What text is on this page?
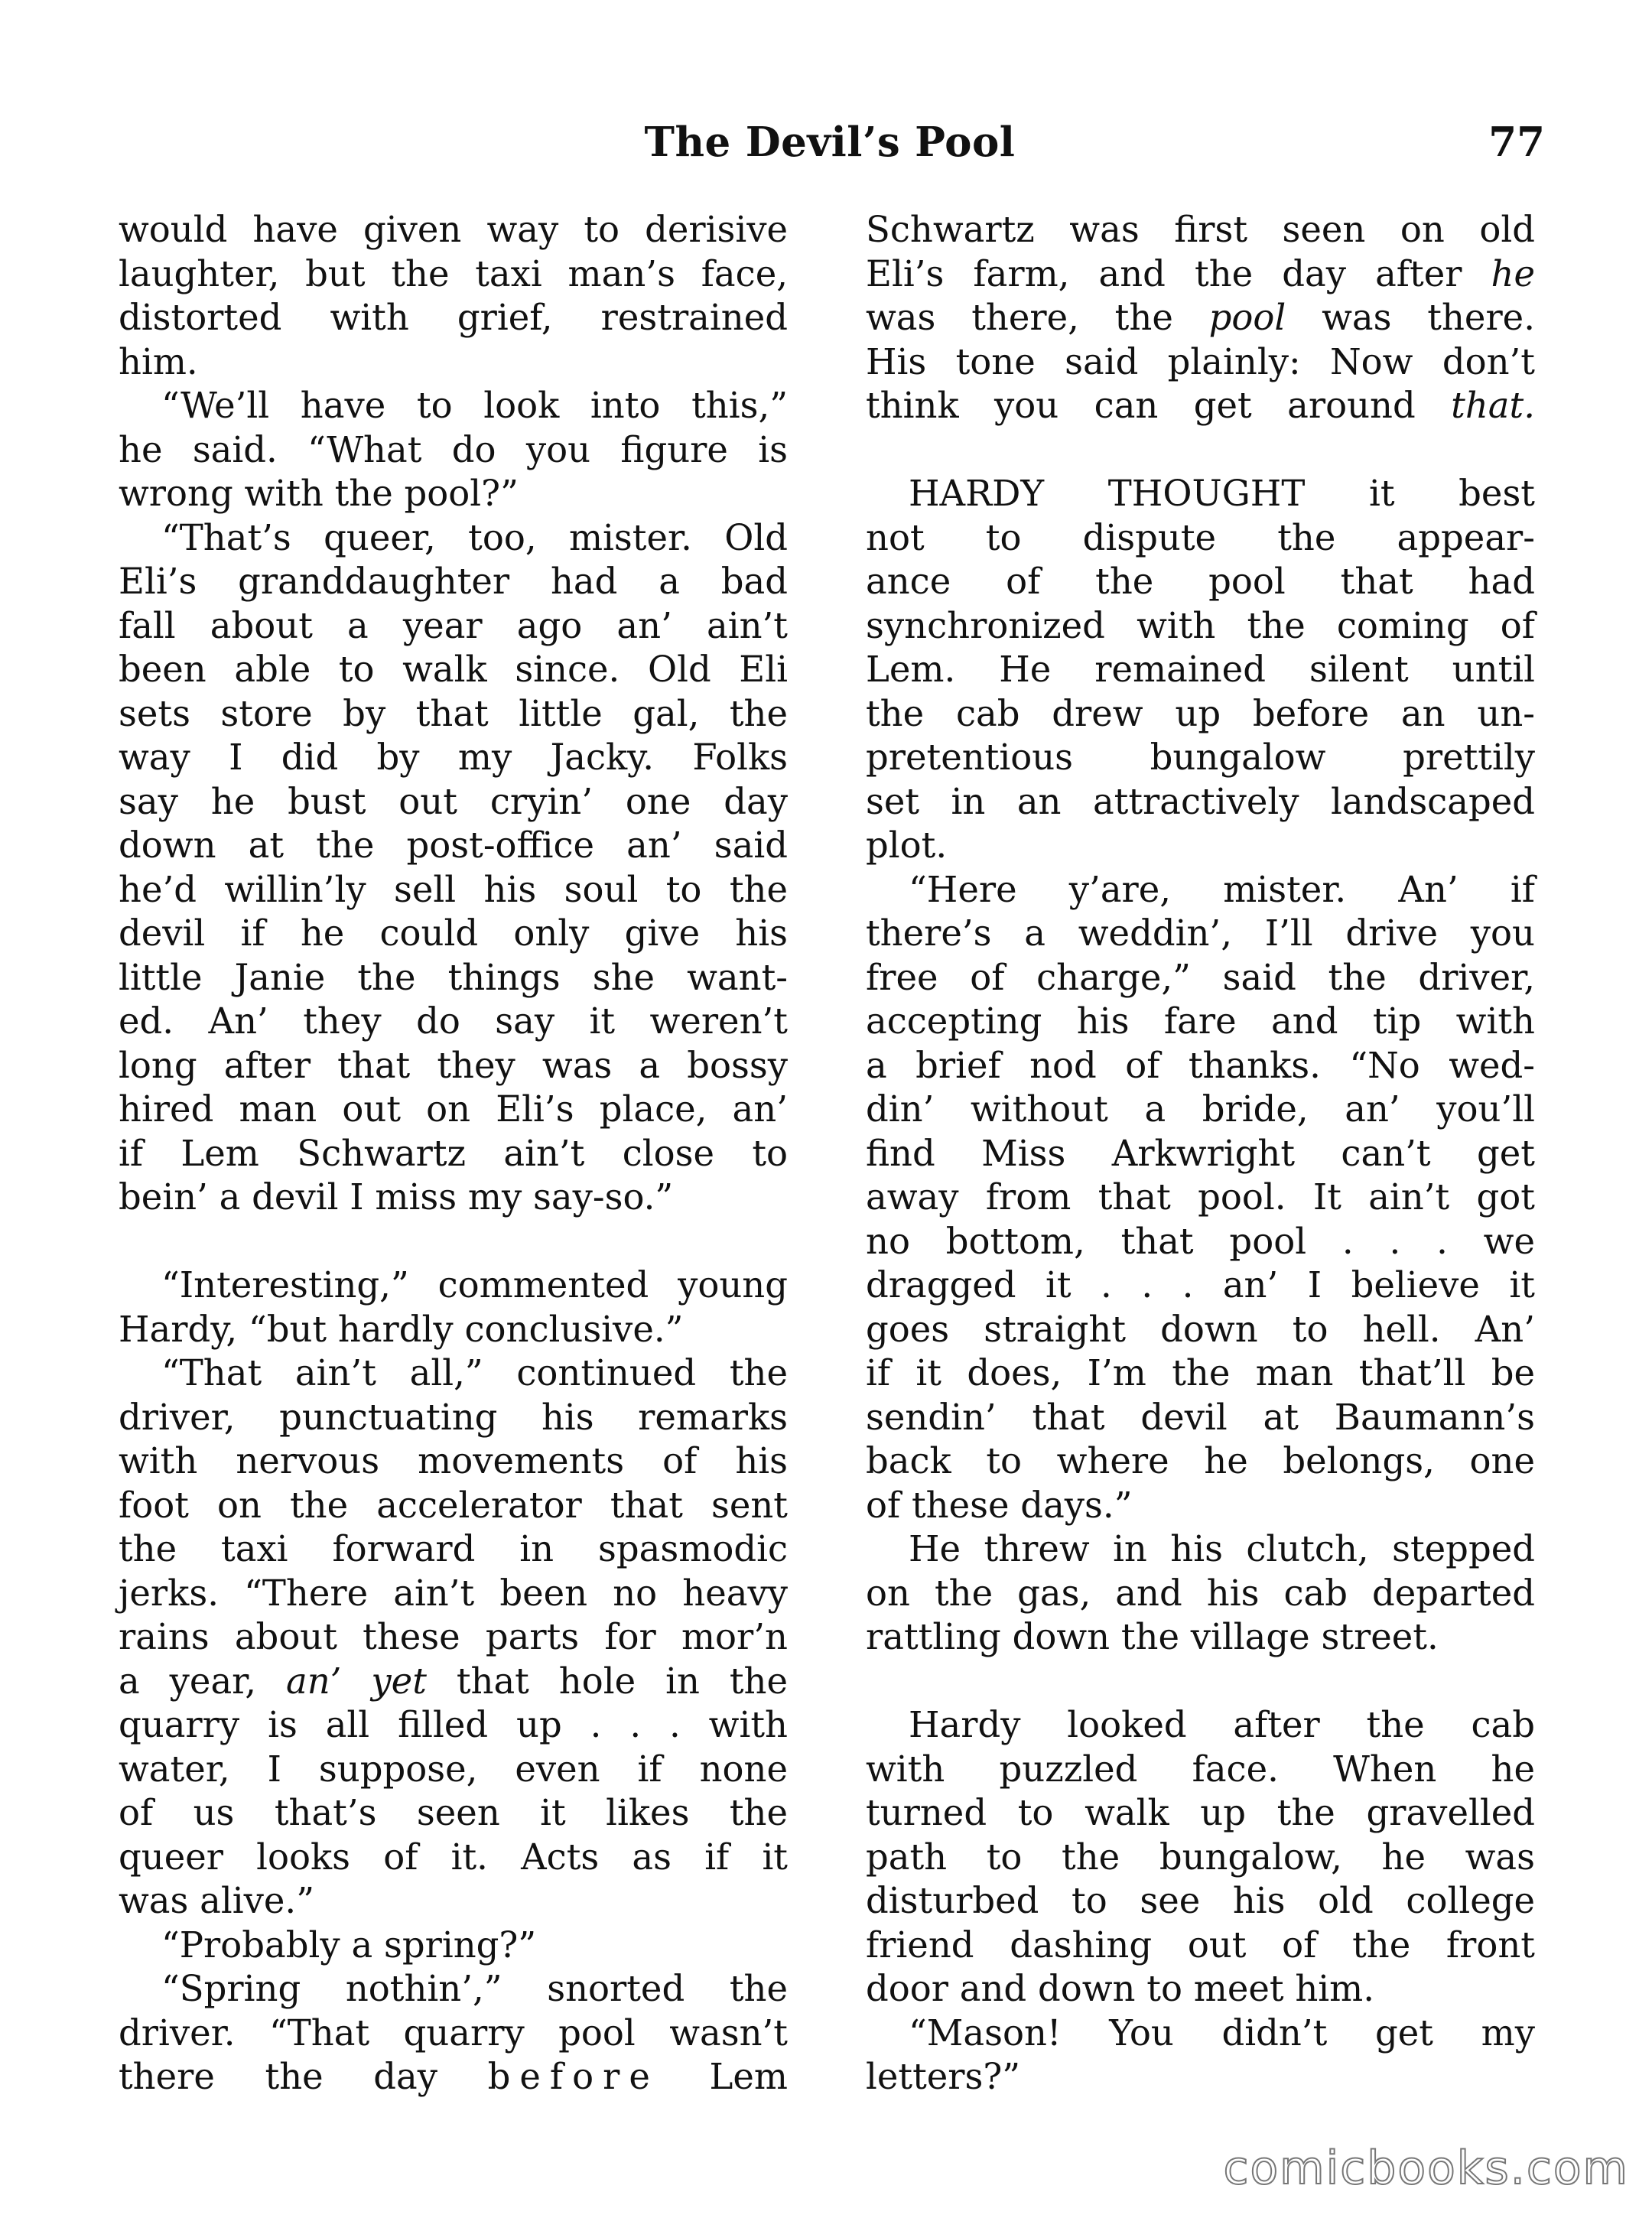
The Devil’s Pool	77
would have given way to derisive
laughter, but the taxi man’s face,
distorted with grief, restrained
him.
“We’ll have to look into this,”
he said. “What do you figure is
wrong with the pool?”
“That’s queer, too, mister. Old
Eli’s granddaughter had a bad
fall about a year ago an’ ain’t
been able to walk since. Old Eli
sets store by that little gal, the
way I did by my Jacky. Folks
say he bust out cryin’ one day
down at the post-office an’ said
he’d willin’ly sell his soul to the
devil if he could only give his
little Janie the things she want-
ed. An’ they do say it weren’t
long after that they was a bossy
hired man out on Eli’s place, an’
if Lem Schwartz ain’t close to
bein’ a devil I miss my say-so.”
“Interesting,” commented young
Hardy, “but hardly conclusive.”
“That ain’t all,” continued the
driver, punctuating his remarks
with nervous movements of his
foot on the accelerator that sent
the taxi forward in spasmodic
jerks. “There ain’t been no heavy
rains about these parts for mor’n
a year, an’ yet that hole in the
quarry is all filled up . . . with
water, I suppose, even if none
of us that’s seen it likes the
queer looks of it. Acts as if it
was alive.”
“Probably a spring?”
“Spring nothin’,” snorted the
driver. “That quarry pool wasn’t
there the day before Lem
Schwartz was first seen on old
Eli’s farm, and the day after he
was there, the pool was there.
His tone said plainly: Now don’t
think you can get around that.
HARDY THOUGHT it best
not to dispute the appear-
ance of the pool that had
synchronized with the coming of
Lem. He remained silent until
the cab drew up before an un-
pretentious bungalow prettily
set in an attractively landscaped
plot.
“Here y’are, mister. An’ if
there’s a weddin’, I’ll drive you
free of charge,” said the driver,
accepting his fare and tip with
a brief nod of thanks. “No wed-
din’ without a bride, an’ you’ll
find Miss Arkwright can’t get
away from that pool. It ain’t got
no bottom, that pool . . . we
dragged it . . . an’ I believe it
goes straight down to hell. An’
if it does, I’m the man that’ll be
sendin’ that devil at Baumann’s
back to where he belongs, one
of these days.”
He threw in his clutch, stepped
on the gas, and his cab departed
rattling down the village street.
Hardy looked after the cab
with puzzled face. When he
turned to walk up the gravelled
path to the bungalow, he was
disturbed to see his old college
friend dashing out of the front
door and down to meet him.
“Mason! You didn’t get my
letters?”
comicbooks.com
